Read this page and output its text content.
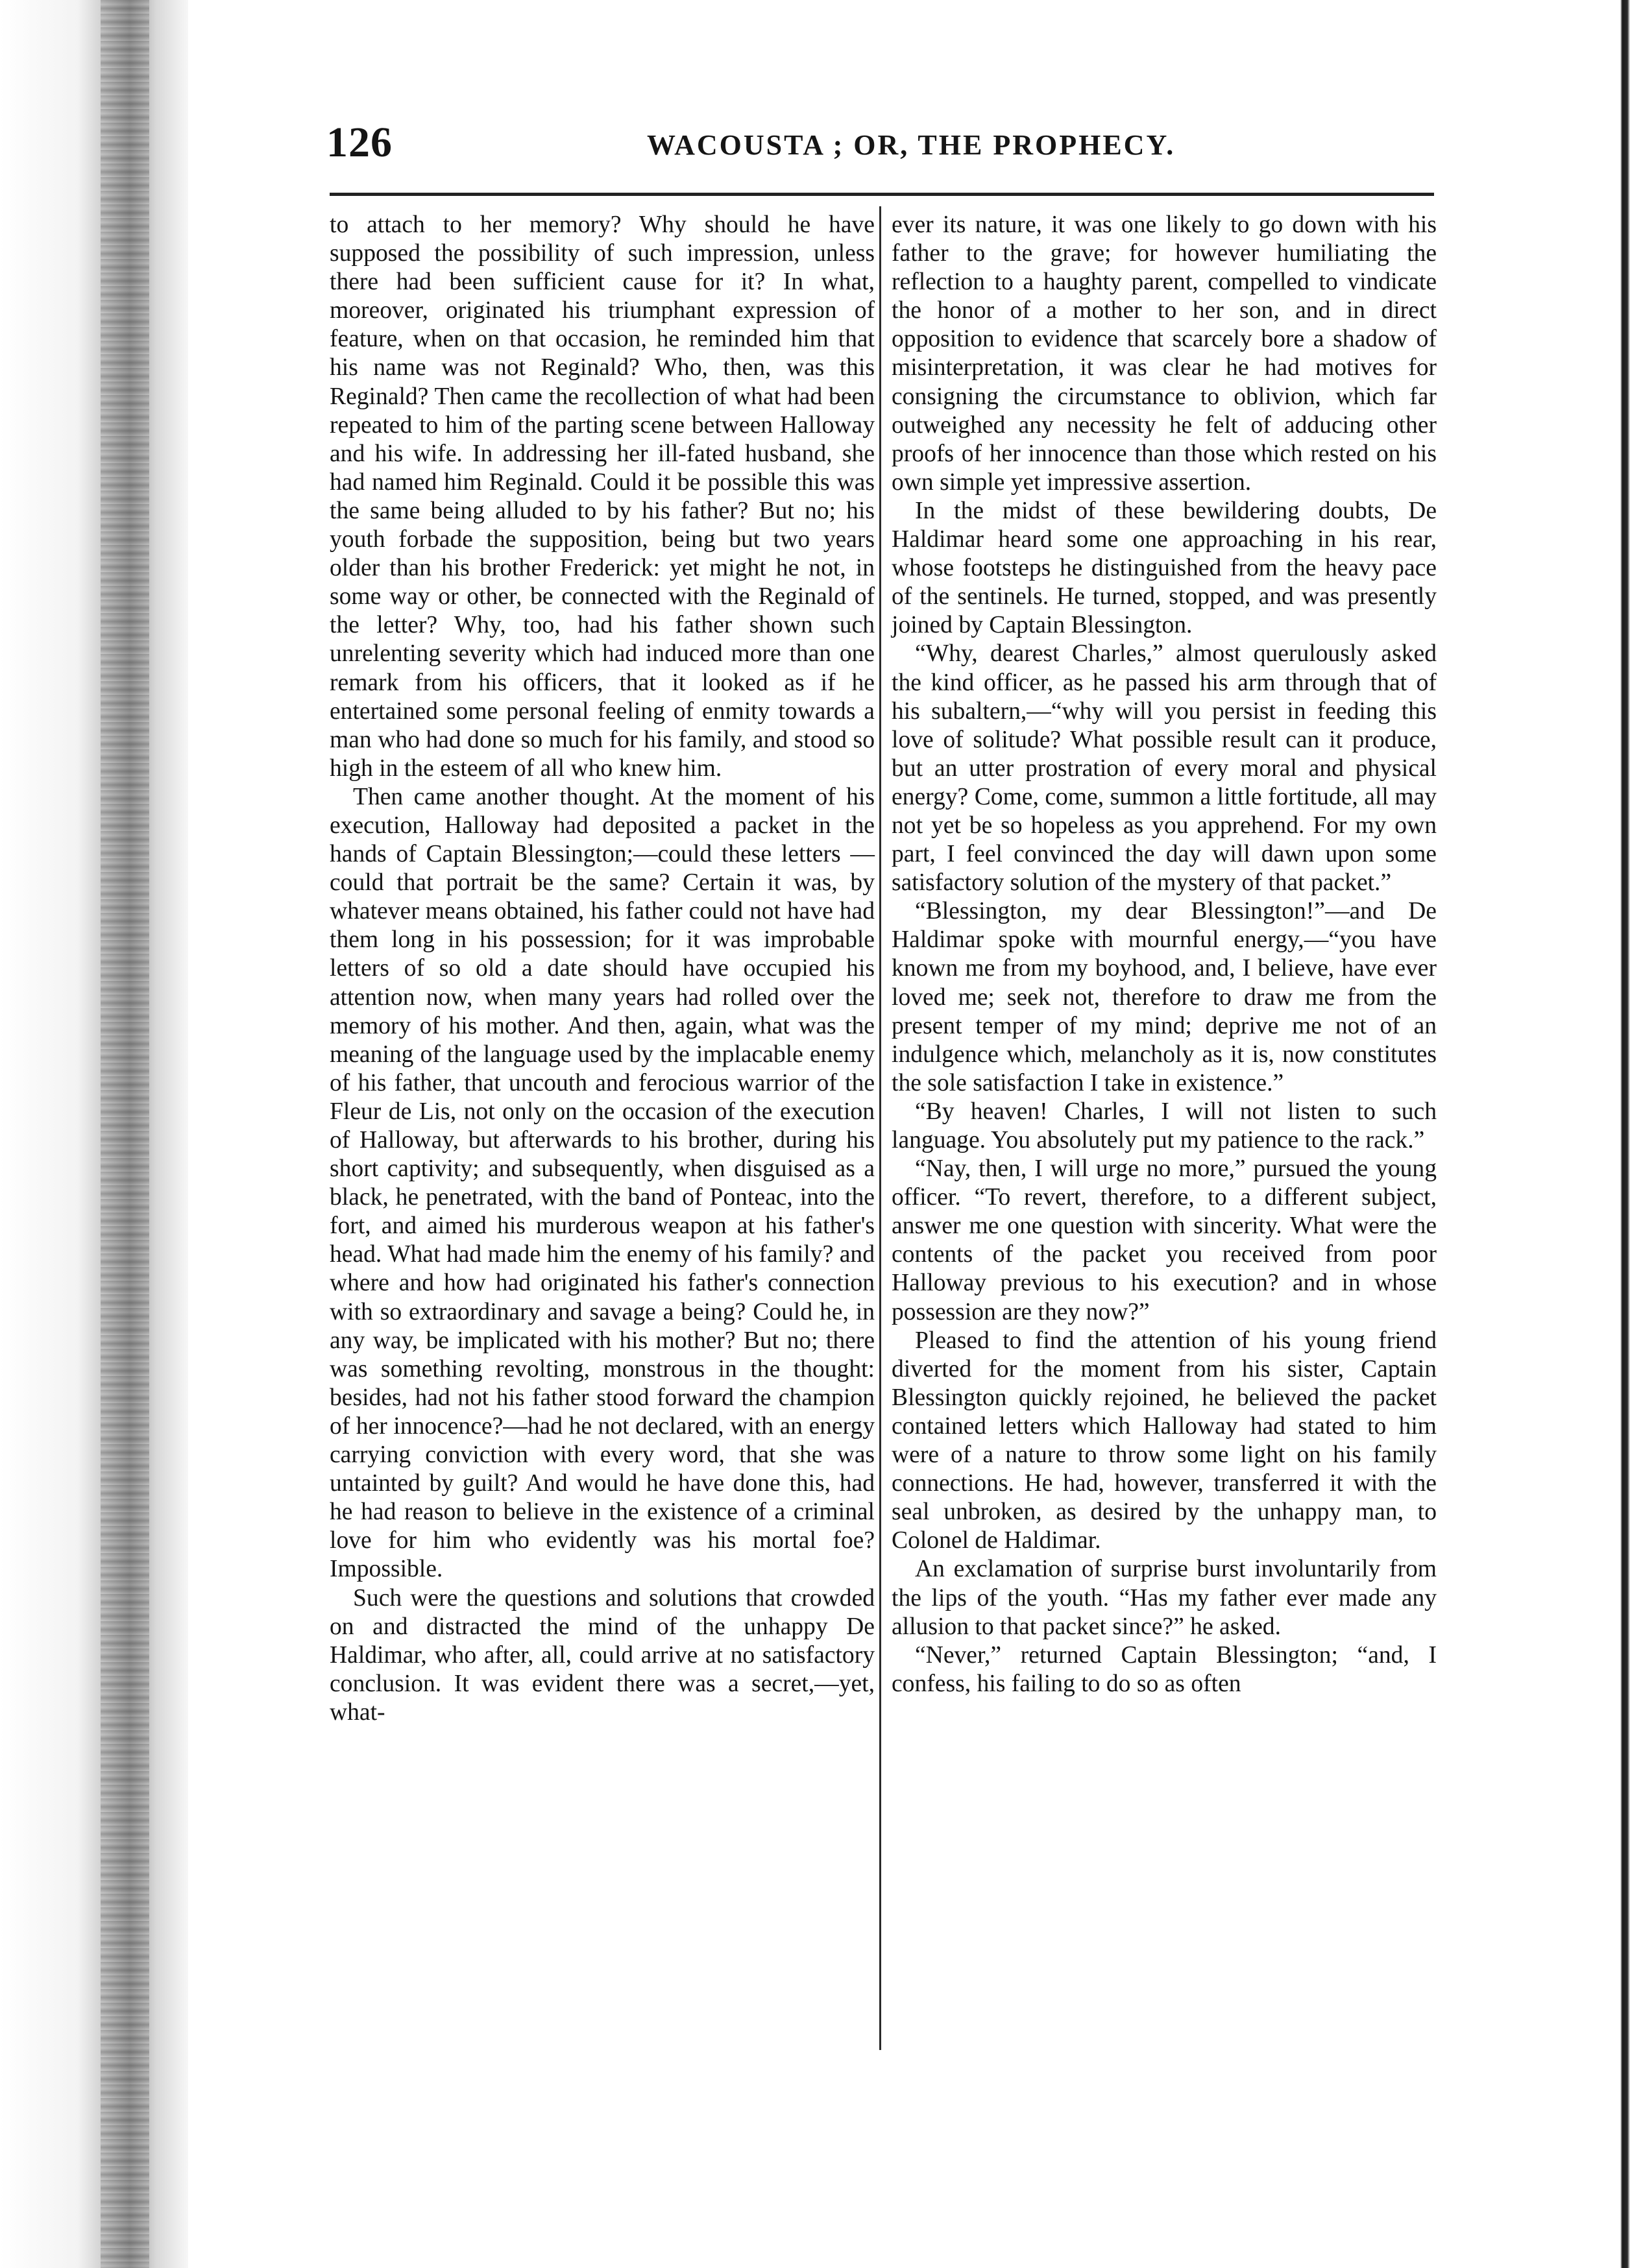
126	WACOUSTA ; OR, THE PROPHECY.

to attach to her memory? Why should he have supposed the possibility of such impression, unless there had been sufficient cause for it? In what, moreover, originated his triumphant expression of feature, when on that occasion, he reminded him that his name was not Reginald? Who, then, was this Reginald? Then came the recollection of what had been repeated to him of the parting scene between Halloway and his wife. In addressing her ill-fated husband, she had named him Reginald. Could it be possible this was the same being alluded to by his father? But no; his youth forbade the supposition, being but two years older than his brother Frederick: yet might he not, in some way or other, be connected with the Reginald of the letter? Why, too, had his father shown such unrelenting severity which had induced more than one remark from his officers, that it looked as if he entertained some personal feeling of enmity towards a man who had done so much for his family, and stood so high in the esteem of all who knew him.

Then came another thought. At the moment of his execution, Halloway had deposited a packet in the hands of Captain Blessington;—could these letters — could that portrait be the same? Certain it was, by whatever means obtained, his father could not have had them long in his possession; for it was improbable letters of so old a date should have occupied his attention now, when many years had rolled over the memory of his mother. And then, again, what was the meaning of the language used by the implacable enemy of his father, that uncouth and ferocious warrior of the Fleur de Lis, not only on the occasion of the execution of Halloway, but afterwards to his brother, during his short captivity; and subsequently, when disguised as a black, he penetrated, with the band of Ponteac, into the fort, and aimed his murderous weapon at his father's head. What had made him the enemy of his family? and where and how had originated his father's connection with so extraordinary and savage a being? Could he, in any way, be implicated with his mother? But no; there was something revolting, monstrous in the thought: besides, had not his father stood forward the champion of her innocence?—had he not declared, with an energy carrying conviction with every word, that she was untainted by guilt? And would he have done this, had he had reason to believe in the existence of a criminal love for him who evidently was his mortal foe? Impossible.

Such were the questions and solutions that crowded on and distracted the mind of the unhappy De Haldimar, who after, all, could arrive at no satisfactory conclusion. It was evident there was a secret,—yet, what-

ever its nature, it was one likely to go down with his father to the grave; for however humiliating the reflection to a haughty parent, compelled to vindicate the honor of a mother to her son, and in direct opposition to evidence that scarcely bore a shadow of misinterpretation, it was clear he had motives for consigning the circumstance to oblivion, which far outweighed any necessity he felt of adducing other proofs of her innocence than those which rested on his own simple yet impressive assertion.

In the midst of these bewildering doubts, De Haldimar heard some one approaching in his rear, whose footsteps he distinguished from the heavy pace of the sentinels. He turned, stopped, and was presently joined by Captain Blessington.

“Why, dearest Charles,” almost querulously asked the kind officer, as he passed his arm through that of his subaltern,—“why will you persist in feeding this love of solitude? What possible result can it produce, but an utter prostration of every moral and physical energy? Come, come, summon a little fortitude, all may not yet be so hopeless as you apprehend. For my own part, I feel convinced the day will dawn upon some satisfactory solution of the mystery of that packet.”

“Blessington, my dear Blessington!”—and De Haldimar spoke with mournful energy,—“you have known me from my boyhood, and, I believe, have ever loved me; seek not, therefore to draw me from the present temper of my mind; deprive me not of an indulgence which, melancholy as it is, now constitutes the sole satisfaction I take in existence.”

“By heaven! Charles, I will not listen to such language. You absolutely put my patience to the rack.”

“Nay, then, I will urge no more,” pursued the young officer. “To revert, therefore, to a different subject, answer me one question with sincerity. What were the contents of the packet you received from poor Halloway previous to his execution? and in whose possession are they now?”

Pleased to find the attention of his young friend diverted for the moment from his sister, Captain Blessington quickly rejoined, he believed the packet contained letters which Halloway had stated to him were of a nature to throw some light on his family connections. He had, however, transferred it with the seal unbroken, as desired by the unhappy man, to Colonel de Haldimar.

An exclamation of surprise burst involuntarily from the lips of the youth. “Has my father ever made any allusion to that packet since?” he asked.

“Never,” returned Captain Blessington; “and, I confess, his failing to do so as often
